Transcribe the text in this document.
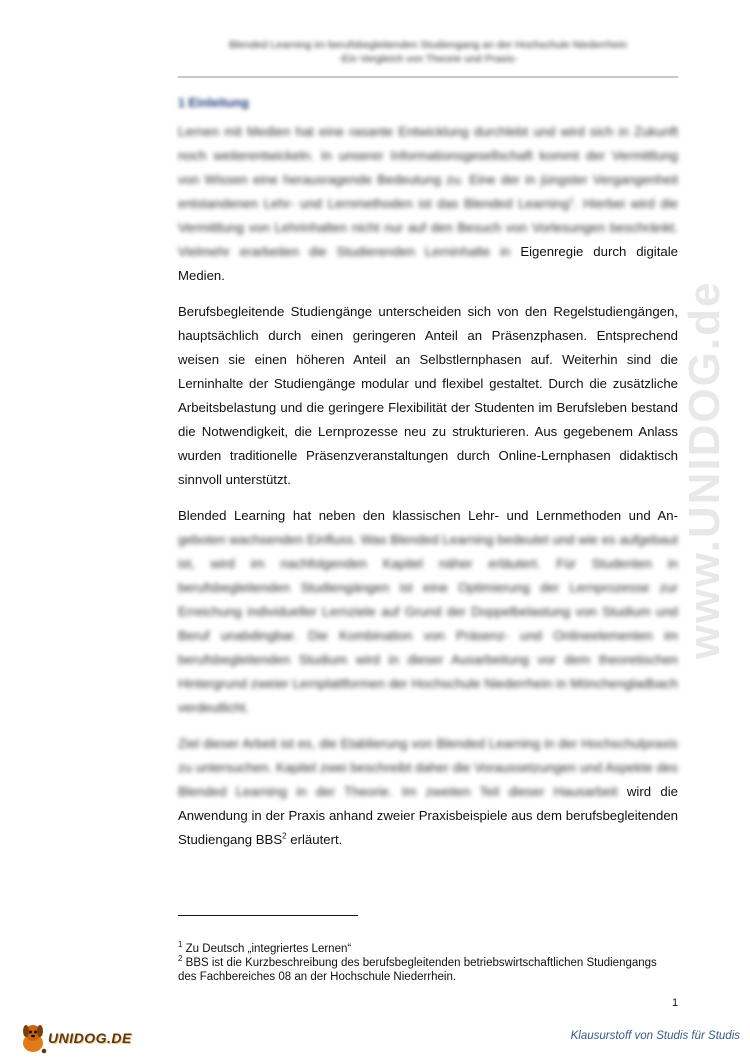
Blended Learning im berufsbegleitenden Studiengang an der Hochschule Niederrhein
-Ein Vergleich von Theorie und Praxis-
1 Einleitung
www.UNIDOG.de

Lernen mit Medien hat eine rasante Entwicklung durchlebt und wird sich in Zukunft noch weiterentwickeln. In unserer Informationsgesellschaft kommt der Vermittlung von Wissen eine herausragende Bedeutung zu. Eine der in jüngster Vergangenheit entstandenen Lehr- und Lernmethoden ist das Blended Learning$^1$. Hierbei wird die Vermittlung von Lehrinhalten nicht nur auf den Besuch von Vorlesungen beschränkt. Vielmehr erarbeiten die Studierenden Lerninhalte in Eigenregie durch digitale Medien.

Berufsbegleitende Studiengänge unterscheiden sich von den Regelstudiengängen, hauptsächlich durch einen geringeren Anteil an Präsenzphasen. Entsprechend weisen sie einen höheren Anteil an Selbstlernphasen auf. Weiterhin sind die Lerninhalte der Studiengänge modular und flexibel gestaltet. Durch die zusätzliche Arbeitsbelastung und die geringere Flexibilität der Studenten im Berufsleben bestand die Notwendigkeit, die Lernprozesse neu zu strukturieren. Aus gegebenem Anlass wurden traditionelle Präsenzveranstaltungen durch Online-Lernphasen didaktisch sinnvoll unterstützt.

Blended Learning hat neben den klassischen Lehr- und Lernmethoden und An- geboten wachsenden Einfluss. Was Blended Learning bedeutet und wie es aufgebaut ist, wird im nachfolgenden Kapitel näher erläutert. Für Studenten in berufsbegleitenden Studiengängen ist eine Optimierung der Lernprozesse zur Erreichung individueller Lernziele auf Grund der Doppelbelastung von Studium und Beruf unabdingbar. Die Kombination von Präsenz- und Onlineelementen im berufsbegleitenden Studium wird in dieser Ausarbeitung vor dem theoretischen Hintergrund zweier Lernplattformen der Hochschule Niederrhein in Mönchengladbach verdeutlicht.

Ziel dieser Arbeit ist es, die Etablierung von Blended Learning in der Hochschulpraxis zu untersuchen. Kapitel zwei beschreibt daher die Voraussetzungen und Aspekte des Blended Learning in der Theorie. Im zweiten Teil dieser Hausarbeit wird die Anwendung in der Praxis anhand zweier Praxisbeispiele aus dem berufsbegleitenden Studiengang BBS$^2$ erläutert.

$^1$ Zu Deutsch „integriertes Lernen“
$^2$ BBS ist die Kurzbeschreibung des berufsbegleitenden betriebswirtschaftlichen Studiengangs des Fachbereiches 08 an der Hochschule Niederrhein.
1
UNIDOG.DE	Klausurstoff von Studis für Studis
